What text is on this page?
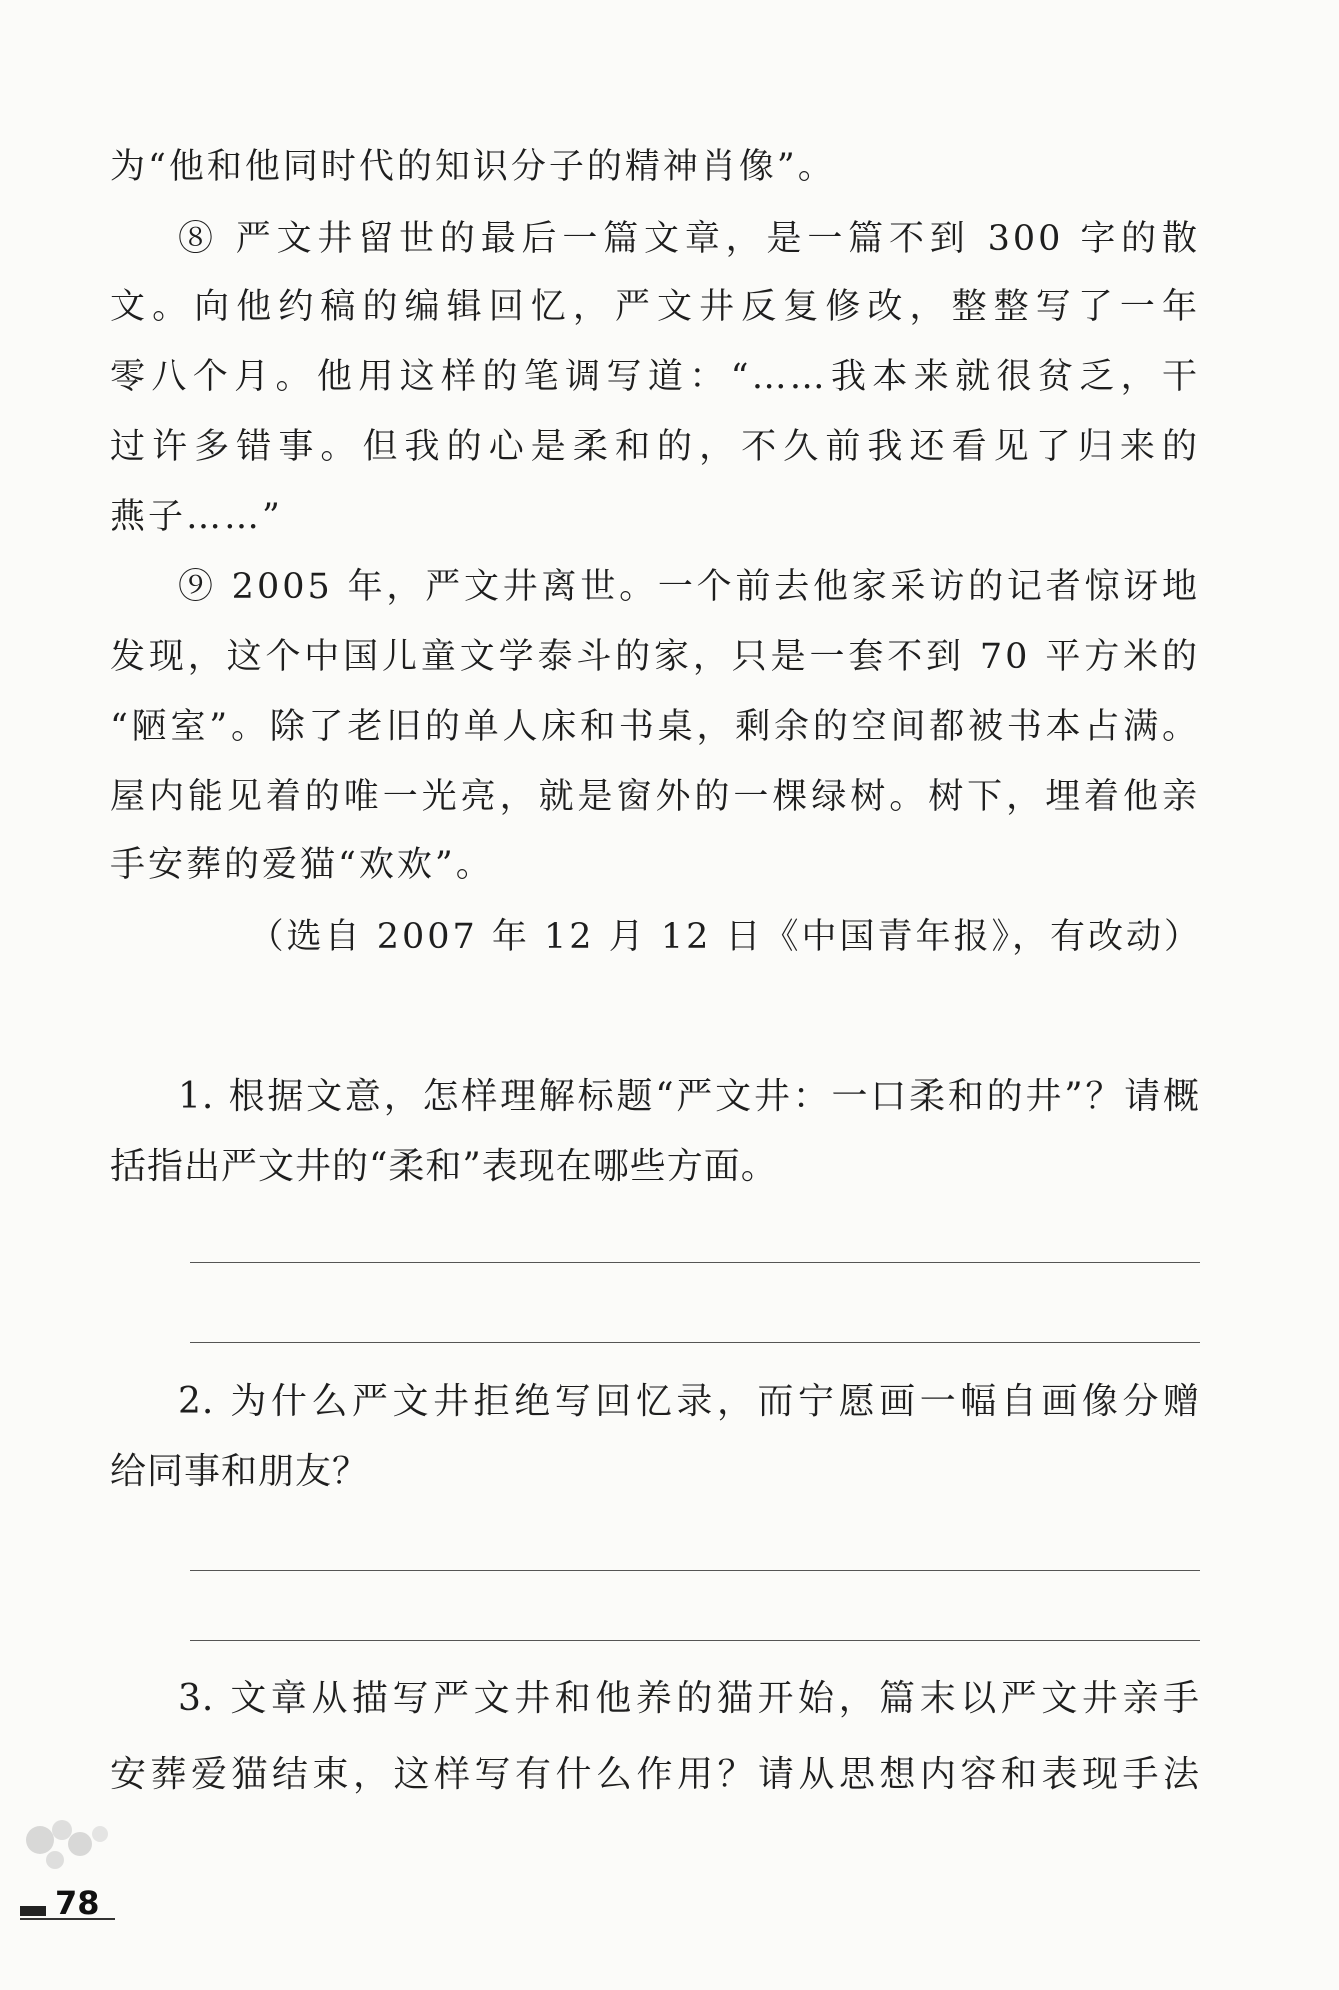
为“他和他同时代的知识分子的精神肖像”。
⑧ 严文井留世的最后一篇文章，是一篇不到 300 字的散
文。向他约稿的编辑回忆，严文井反复修改，整整写了一年
零八个月。他用这样的笔调写道：“……我本来就很贫乏，干
过许多错事。但我的心是柔和的，不久前我还看见了归来的
燕子……”
⑨ 2005 年，严文井离世。一个前去他家采访的记者惊讶地
发现，这个中国儿童文学泰斗的家，只是一套不到 70 平方米的
“陋室”。除了老旧的单人床和书桌，剩余的空间都被书本占满。
屋内能见着的唯一光亮，就是窗外的一棵绿树。树下，埋着他亲
手安葬的爱猫“欢欢”。
（选自 2007 年 12 月 12 日《中国青年报》，有改动）
1. 根据文意，怎样理解标题“严文井：一口柔和的井”？请概
括指出严文井的“柔和”表现在哪些方面。
2. 为什么严文井拒绝写回忆录，而宁愿画一幅自画像分赠
给同事和朋友？
3. 文章从描写严文井和他养的猫开始，篇末以严文井亲手
安葬爱猫结束，这样写有什么作用？请从思想内容和表现手法
78
